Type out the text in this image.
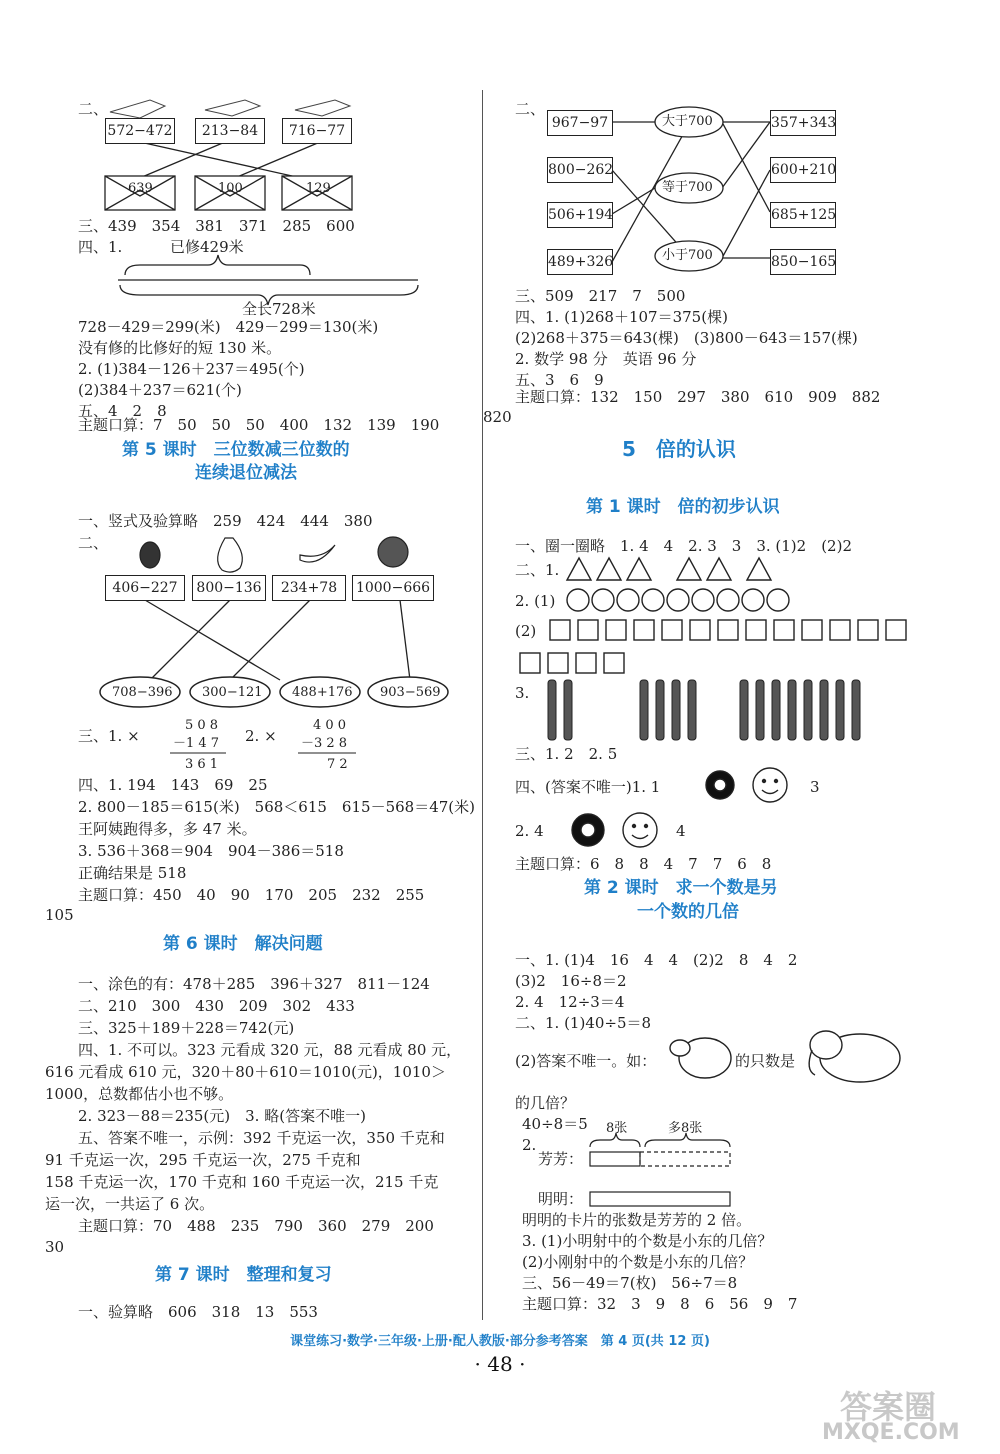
二、
572−472	213−84	716−77
639	100	129
三、439　354　381　371　285　600
四、1.	已修429米
全长728米
728－429＝299(米)　429－299＝130(米)
没有修的比修好的短 130 米。
2. (1)384－126＋237＝495(个)
(2)384＋237＝621(个)
五、4　2　8
主题口算：7　50　50　50　400　132　139　190
第 5 课时　三位数减三位数的
连续退位减法
一、竖式及验算略　259　424　444　380
二、
406−227	800−136	234+78	1000−666
708−396 300−121 488+176 903−569
三、1. ×
5 0 8
－1 4 7
3 6 1
2. ×
4 0 0
－3 2 8
7 2
四、1. 194　143　69　25
2. 800－185＝615(米)　568＜615　615－568＝47(米)
王阿姨跑得多，多 47 米。
3. 536＋368＝904　904－386＝518
正确结果是 518
主题口算：450　40　90　170　205　232　255
105
第 6 课时　解决问题
一、涂色的有：478＋285　396＋327　811－124
二、210　300　430　209　302　433
三、325＋189＋228＝742(元)
四、1. 不可以。323 元看成 320 元，88 元看成 80 元，
616 元看成 610 元，320＋80＋610＝1010(元)，1010＞
1000，总数都估小也不够。
2. 323－88＝235(元)　3. 略(答案不唯一)
五、答案不唯一，示例：392 千克运一次，350 千克和
91 千克运一次，295 千克运一次，275 千克和
158 千克运一次，170 千克和 160 千克运一次，215 千克
运一次，一共运了 6 次。
主题口算：70　488　235　790　360　279　200
30
第 7 课时　整理和复习
一、验算略　606　318　13　553
二、
967−97
800−262
506+194
489+326
大于700
等于700
小于700
357+343
600+210
685+125
850−165
三、509　217　7　500
四、1. (1)268＋107＝375(棵)
(2)268＋375＝643(棵)　(3)800－643＝157(棵)
2. 数学 98 分　英语 96 分
五、3　6　9
主题口算：132　150　297　380　610　909　882
820
5　倍的认识
第 1 课时　倍的初步认识
一、圈一圈略　1. 4　4　2. 3　3　3. (1)2　(2)2
二、1.
2. (1)
(2)
3.
三、1. 2　2. 5
四、(答案不唯一)1. 1	3
2. 4	4
主题口算：6　8　8　4　7　7　6　8
第 2 课时　求一个数是另
一个数的几倍
一、1. (1)4　16　4　4　(2)2　8　4　2
(3)2　16÷8＝2
2. 4　12÷3＝4
二、1. (1)40÷5＝8
(2)答案不唯一。如：	的只数是
的几倍？
40÷8＝5
2.
8张	多8张
芳芳：
明明：
明明的卡片的张数是芳芳的 2 倍。
3. (1)小明射中的个数是小东的几倍？
(2)小刚射中的个数是小东的几倍？
三、56－49＝7(枚)　56÷7＝8
主题口算：32　3　9　8　6　56　9　7
课堂练习·数学·三年级·上册·配人教版·部分参考答案　第 4 页(共 12 页)
· 48 ·
答案圈
MXQE.COM
